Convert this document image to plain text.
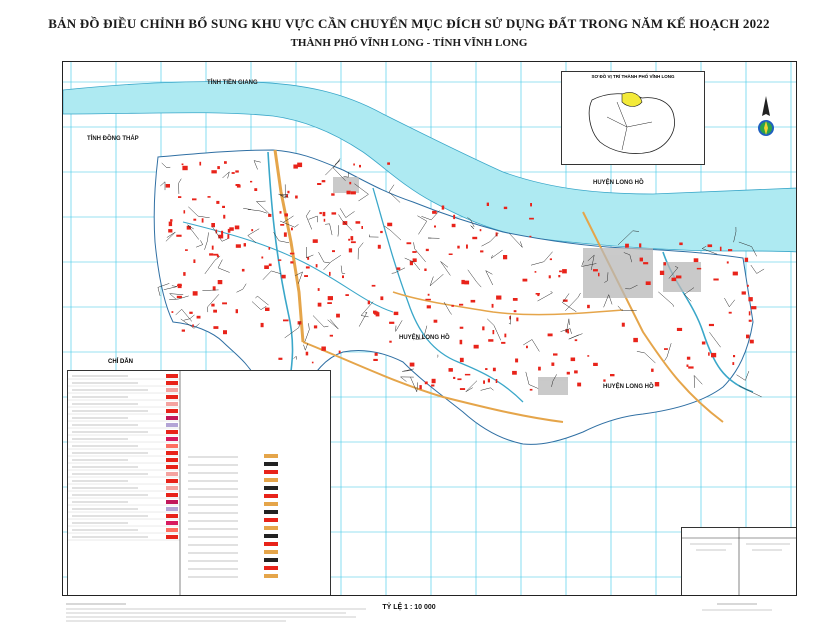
BẢN ĐỒ ĐIỀU CHỈNH BỔ SUNG KHU VỰC CẦN CHUYỂN MỤC ĐÍCH SỬ DỤNG ĐẤT TRONG NĂM KẾ HOẠCH 2022
THÀNH PHỐ VĨNH LONG - TỈNH VĨNH LONG
TỈNH TIỀN GIANG
TỈNH ĐỒNG THÁP
HUYỆN LONG HỒ
HUYỆN LONG HỒ
HUYỆN LONG HỒ
SƠ ĐỒ VỊ TRÍ THÀNH PHỐ VĨNH LONG
CHỈ DẪN
TỶ LỆ 1 : 10 000
